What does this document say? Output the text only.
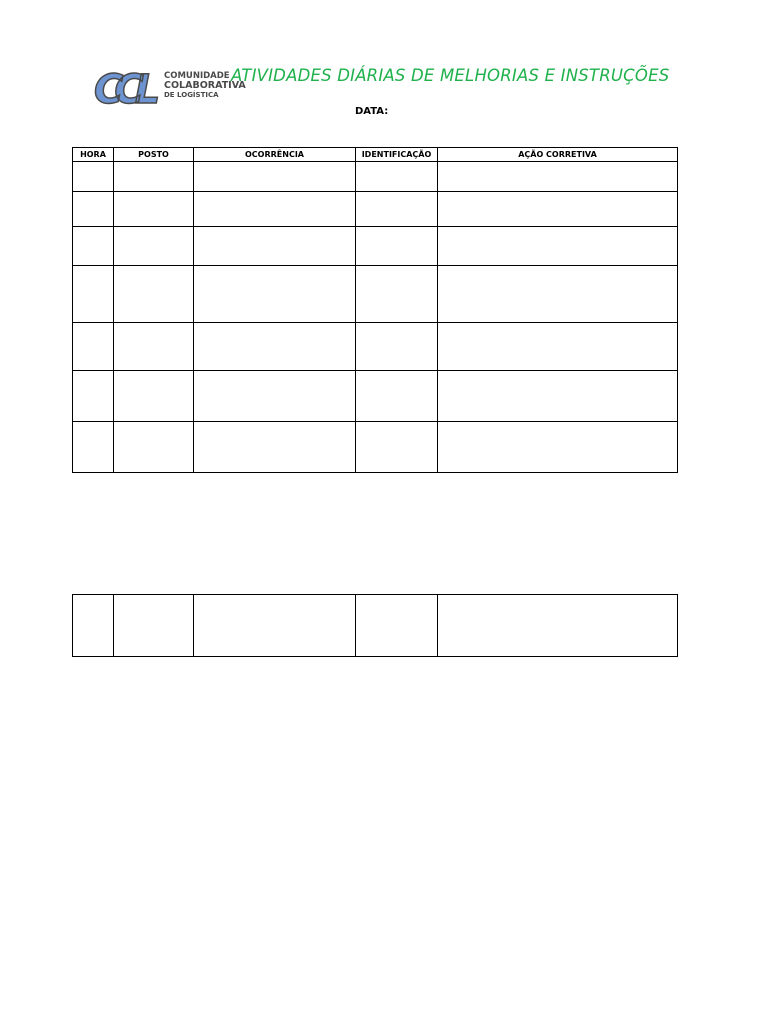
CCL	COMUNIDADE
COLABORATIVA
DE LOGÍSTICA
ATIVIDADES DIÁRIAS DE MELHORIAS E INSTRUÇÕES
DATA:
HORA	POSTO	OCORRÊNCIA	IDENTIFICAÇÃO	AÇÃO CORRETIVA
